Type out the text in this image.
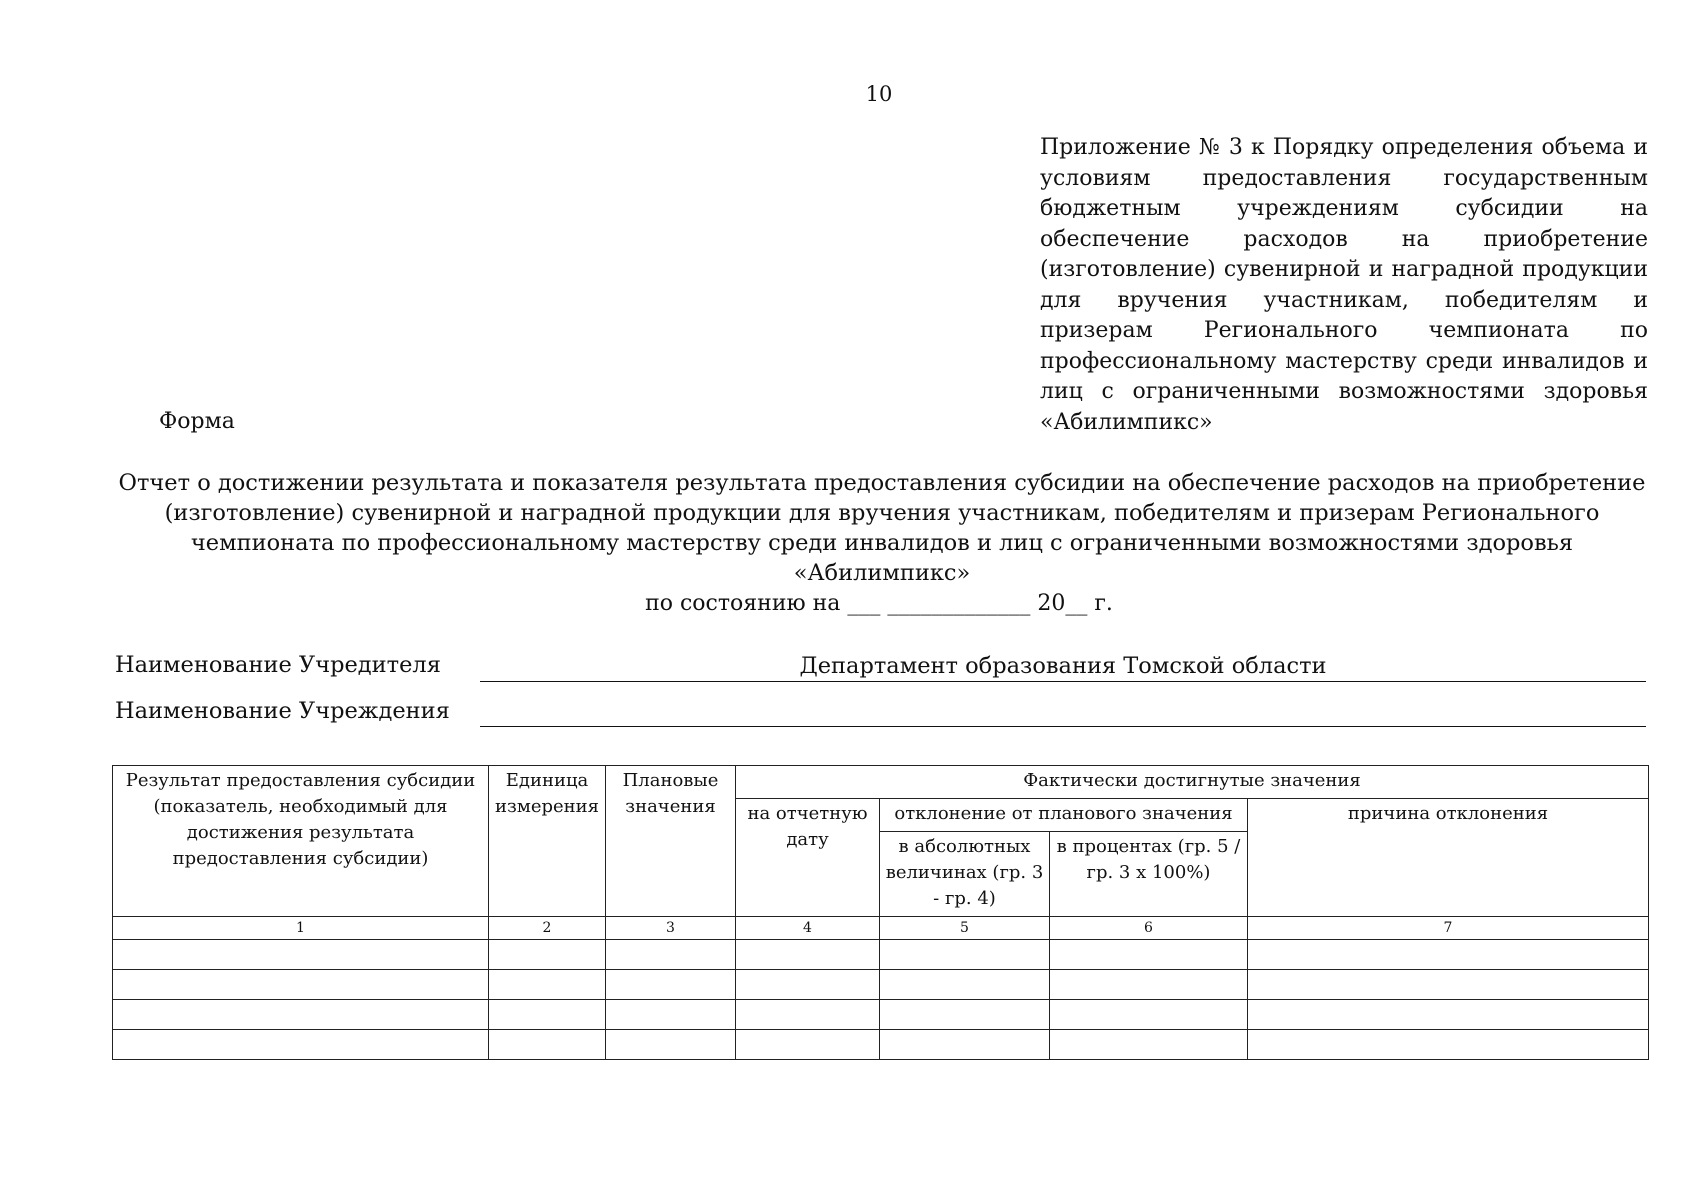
10
Приложение № 3 к Порядку определения объема и условиям предоставления государственным бюджетным учреждениям субсидии на обеспечение расходов на приобретение (изготовление) сувенирной и наградной продукции для вручения участникам, победителям и призерам Регионального чемпионата по профессиональному мастерству среди инвалидов и лиц с ограниченными возможностями здоровья «Абилимпикс»
Форма
Отчет о достижении результата и показателя результата предоставления субсидии на обеспечение расходов на приобретение (изготовление) сувенирной и наградной продукции для вручения участникам, победителям и призерам Регионального чемпионата по профессиональному мастерству среди инвалидов и лиц с ограниченными возможностями здоровья «Абилимпикс»
по состоянию на ___ _____________ 20__ г.
Наименование Учредителя	Департамент образования Томской области
Наименование Учреждения
Результат предоставления субсидии (показатель, необходимый для достижения результата предоставления субсидии)	Единица измерения	Плановые значения	Фактически достигнутые значения			
			на отчетную дату	отклонение от планового значения		причина отклонения
				в абсолютных величинах (гр. 3 - гр. 4)	в процентах (гр. 5 / гр. 3 х 100%)	
1	2	3	4	5	6	7
